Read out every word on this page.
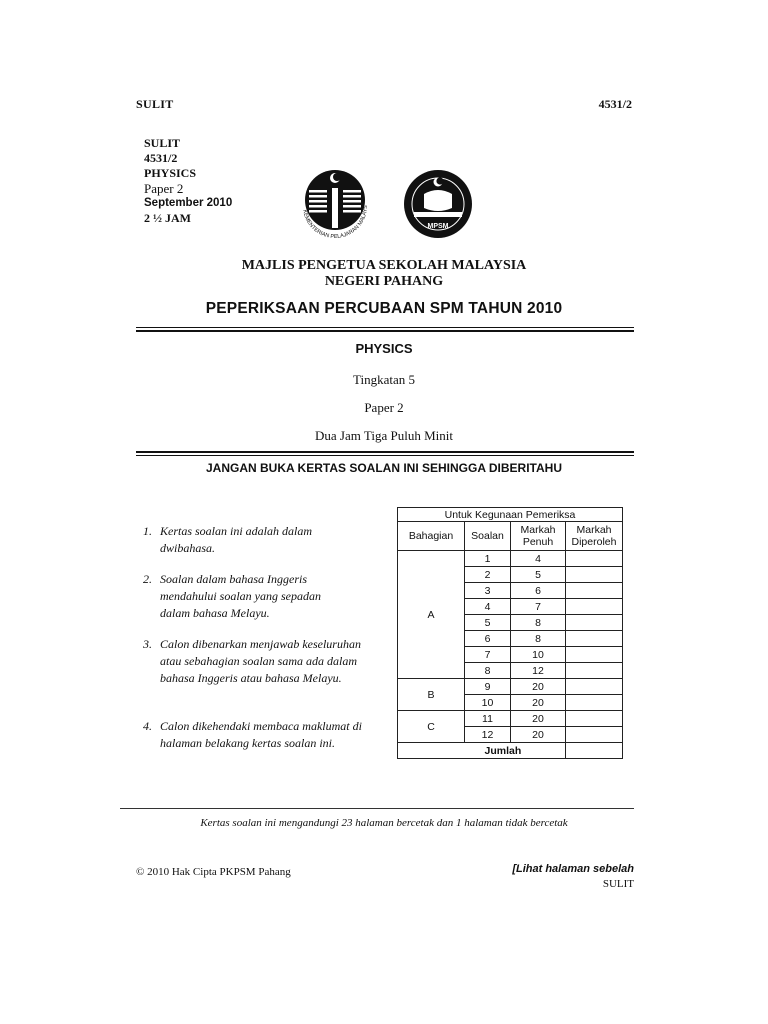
SULIT	4531/2
SULIT
4531/2
PHYSICS
Paper 2
September 2010
2 ½ JAM	KEMENTERIAN PELAJARAN MALAYS
MPSM
MAJLIS PENGETUA SEKOLAH MALAYSIA
NEGERI PAHANG
PEPERIKSAAN PERCUBAAN SPM TAHUN 2010
PHYSICS
Tingkatan 5
Paper 2
Dua Jam Tiga Puluh Minit
JANGAN BUKA KERTAS SOALAN INI SEHINGGA DIBERITAHU
1. Kertas soalan ini adalah dalam dwibahasa.
2. Soalan dalam bahasa Inggeris mendahului soalan yang sepadan dalam bahasa Melayu.
3. Calon dibenarkan menjawab keseluruhan atau sebahagian soalan sama ada dalam bahasa Inggeris atau bahasa Melayu.
4. Calon dikehendaki membaca maklumat di halaman belakang kertas soalan ini.
Untuk Kegunaan Pemeriksa			
Bahagian	Soalan	Markah Penuh	Markah Diperoleh
A	1	4	
	2	5	
	3	6	
	4	7	
	5	8	
	6	8	
	7	10	
	8	12	
B	9	20	
	10	20	
C	11	20	
	12	20	
	Jumlah		
Kertas soalan ini mengandungi 23 halaman bercetak dan 1 halaman tidak bercetak
© 2010 Hak Cipta PKPSM Pahang	[Lihat halaman sebelah
SULIT
